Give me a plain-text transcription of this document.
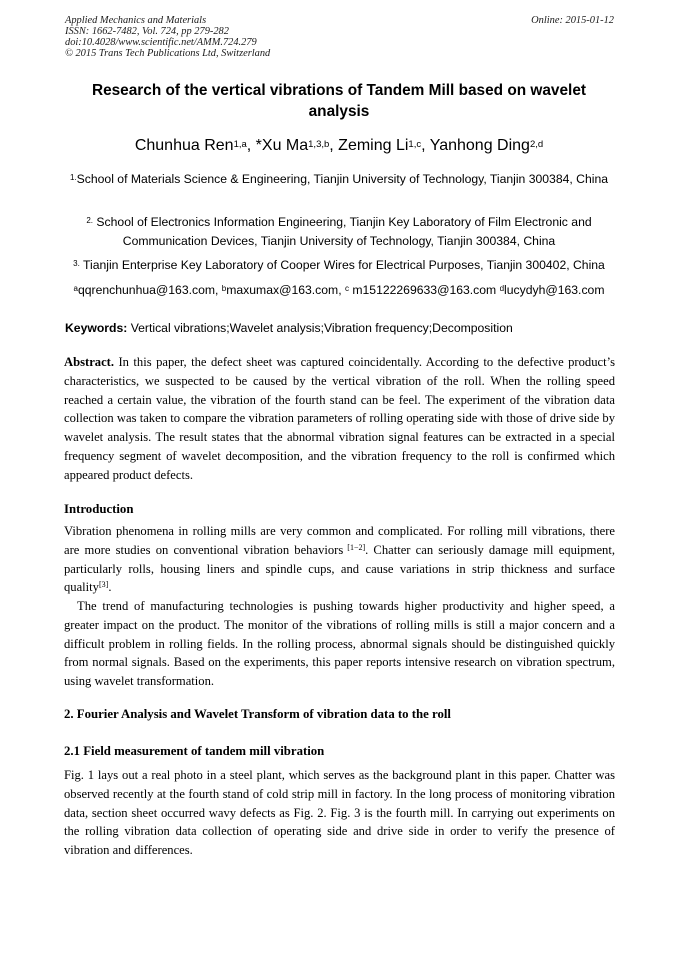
Applied Mechanics and Materials
ISSN: 1662-7482, Vol. 724, pp 279-282
doi:10.4028/www.scientific.net/AMM.724.279
© 2015 Trans Tech Publications Ltd, Switzerland
Online: 2015-01-12
Research of the vertical vibrations of Tandem Mill based on wavelet analysis
Chunhua Ren$^{1,a}$, *Xu Ma$^{1,3,b}$, Zeming Li$^{1,c}$, Yanhong Ding$^{2,d}$
$^{1.}$School of Materials Science & Engineering, Tianjin University of Technology, Tianjin 300384, China
$^{2.}$ School of Electronics Information Engineering, Tianjin Key Laboratory of Film Electronic and Communication Devices, Tianjin University of Technology, Tianjin 300384, China
$^{3.}$ Tianjin Enterprise Key Laboratory of Cooper Wires for Electrical Purposes, Tianjin 300402, China
$^a$qqrenchunhua@163.com, $^b$maxumax@163.com, $^c$ m15122269633@163.com $^d$lucydyh@163.com
Keywords: Vertical vibrations;Wavelet analysis;Vibration frequency;Decomposition
Abstract. In this paper, the defect sheet was captured coincidentally. According to the defective product’s characteristics, we suspected to be caused by the vertical vibration of the roll. When the rolling speed reached a certain value, the vibration of the fourth stand can be feel. The experiment of the vibration data collection was taken to compare the vibration parameters of rolling operating side with those of drive side by wavelet analysis. The result states that the abnormal vibration signal features can be extracted in a special frequency segment of wavelet decomposition, and the vibration frequency to the roll is confirmed which appeared product defects.
Introduction
Vibration phenomena in rolling mills are very common and complicated. For rolling mill vibrations, there are more studies on conventional vibration behaviors [1−2]. Chatter can seriously damage mill equipment, particularly rolls, housing liners and spindle cups, and cause variations in strip thickness and surface quality[3].
The trend of manufacturing technologies is pushing towards higher productivity and higher speed, a greater impact on the product. The monitor of the vibrations of rolling mills is still a major concern and a difficult problem in rolling fields. In the rolling process, abnormal signals should be distinguished quickly from normal signals. Based on the experiments, this paper reports intensive research on vibration spectrum, using wavelet transformation.
2. Fourier Analysis and Wavelet Transform of vibration data to the roll
2.1 Field measurement of tandem mill vibration
Fig. 1 lays out a real photo in a steel plant, which serves as the background plant in this paper. Chatter was observed recently at the fourth stand of cold strip mill in factory. In the long process of monitoring vibration data, section sheet occurred wavy defects as Fig. 2. Fig. 3 is the fourth mill. In carrying out experiments on the rolling vibration data collection of operating side and drive side in order to verify the presence of vibration and differences.
